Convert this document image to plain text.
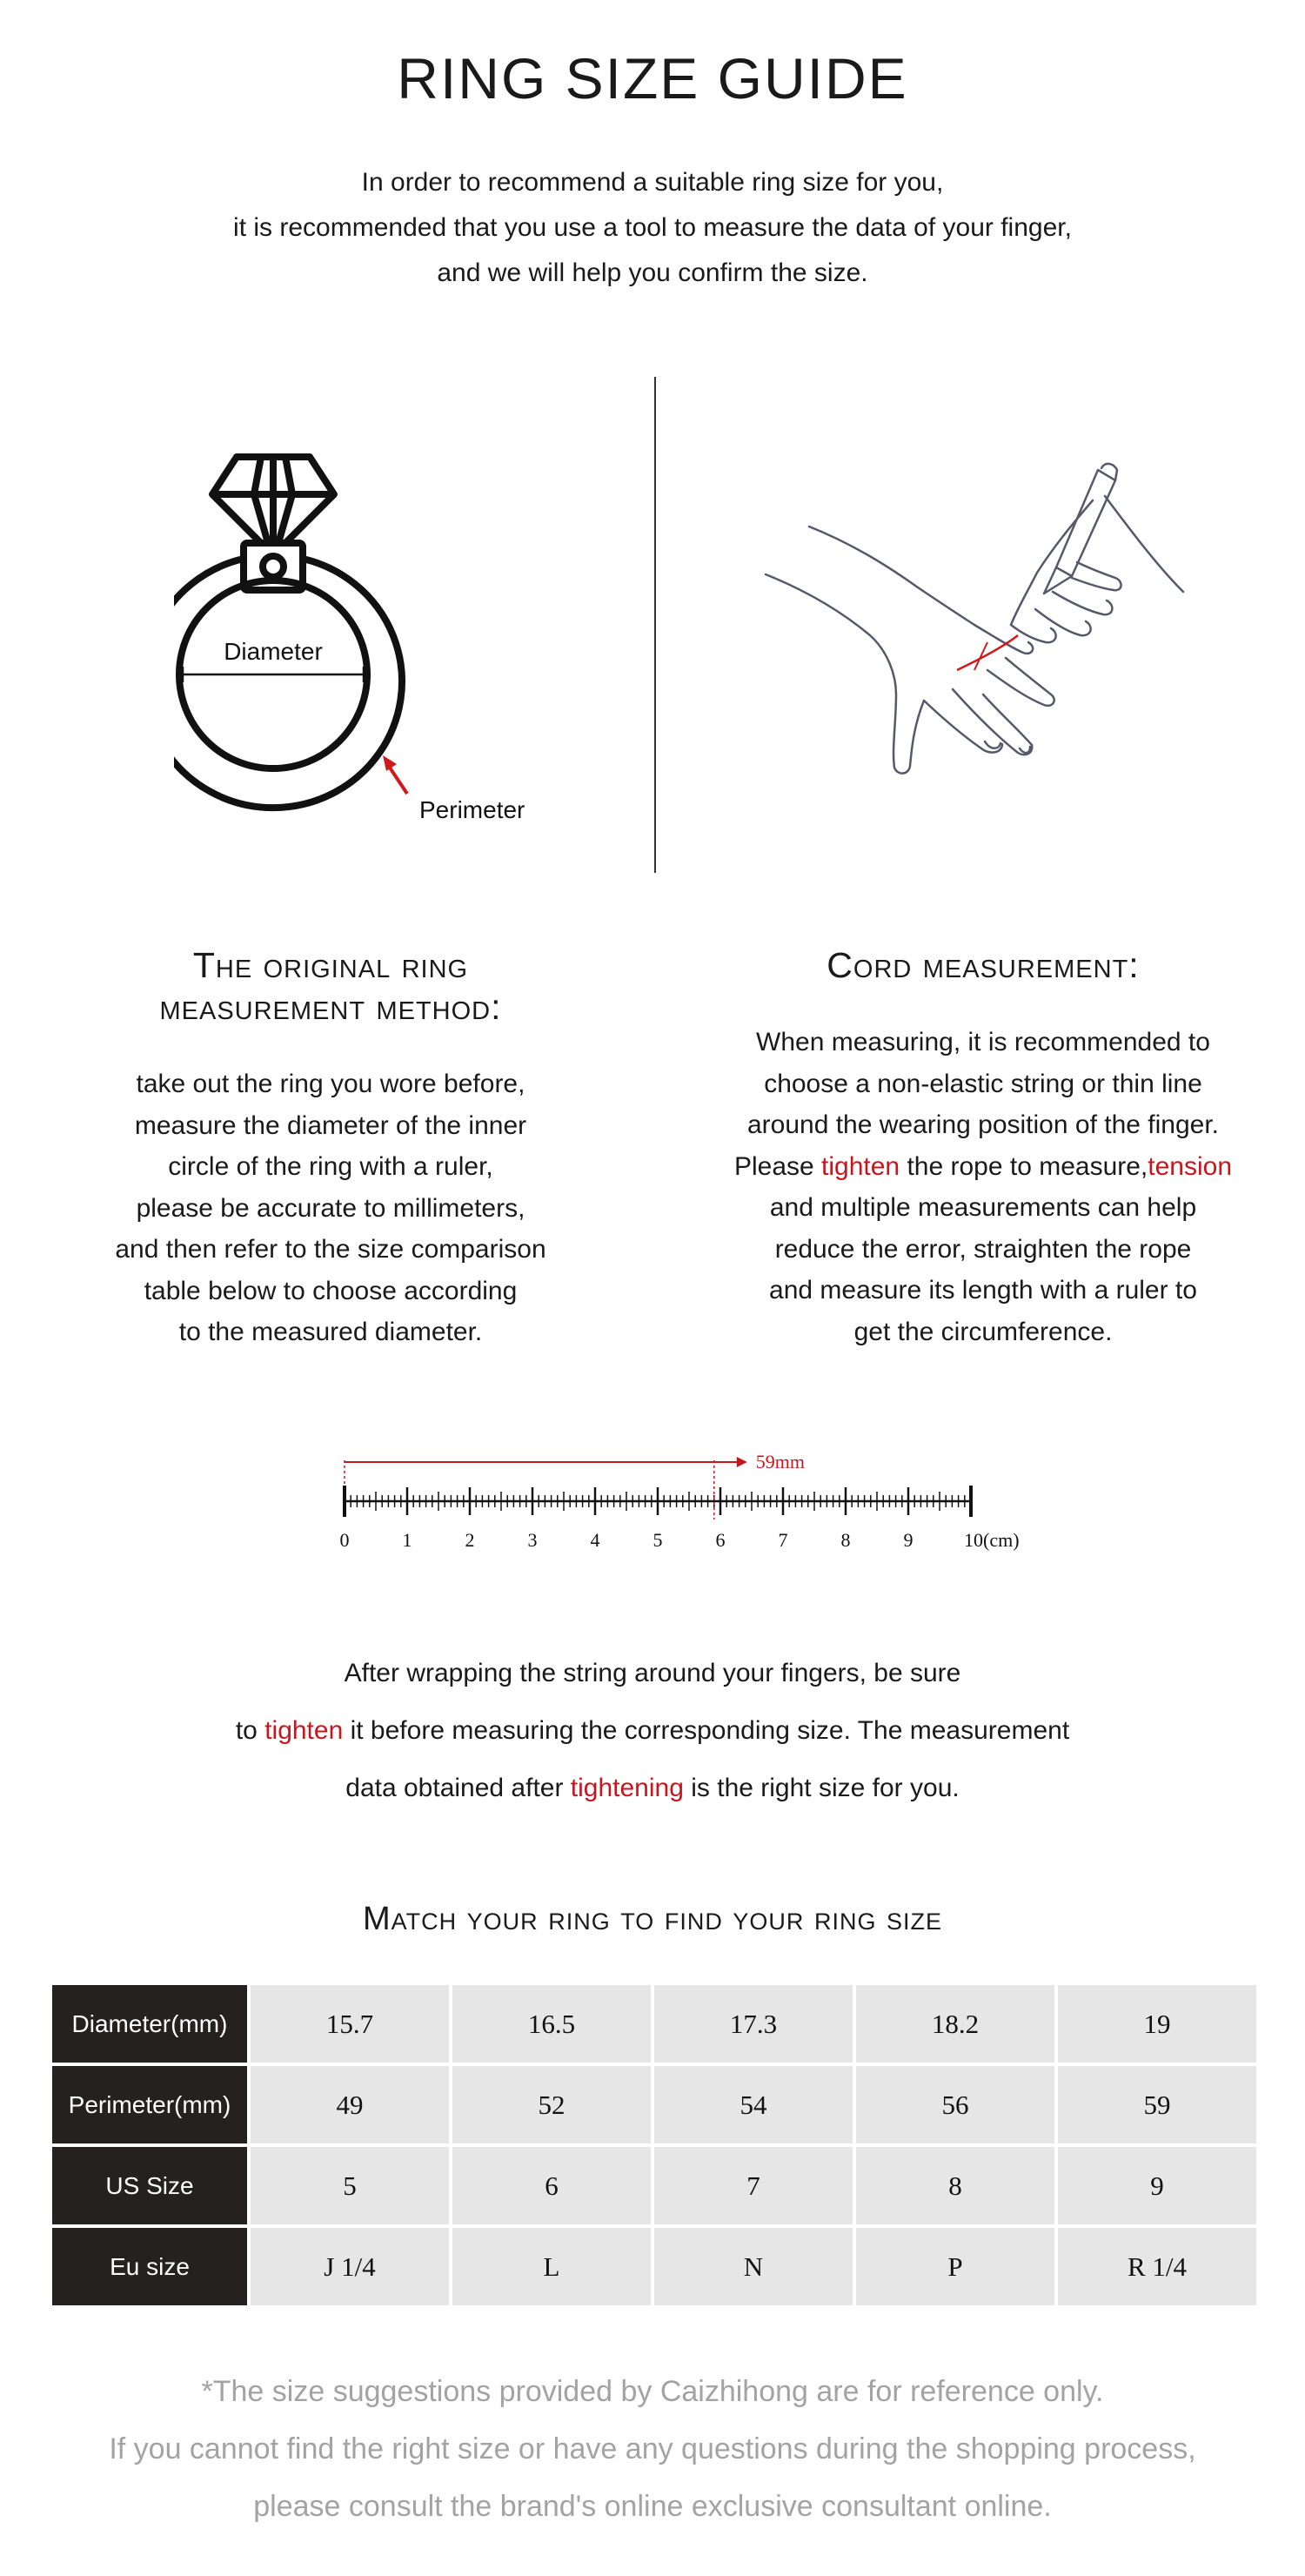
RING SIZE GUIDE
In order to recommend a suitable ring size for you,
it is recommended that you use a tool to measure the data of your finger,
and we will help you confirm the size.
Diameter
Perimeter
The original ring
measurement method:
take out the ring you wore before,
measure the diameter of the inner
circle of the ring with a ruler,
please be accurate to millimeters,
and then refer to the size comparison
table below to choose according
to the measured diameter.
Cord measurement:
When measuring, it is recommended to
choose a non-elastic string or thin line
around the wearing position of the finger.
Please tighten the rope to measure,tension
and multiple measurements can help
reduce the error, straighten the rope
and measure its length with a ruler to
get the circumference.
0	1	2	3	4	5	6	7	8	9	10(cm)
59mm
After wrapping the string around your fingers, be sure
to tighten it before measuring the corresponding size. The measurement
data obtained after tightening is the right size for you.
Match your ring to find your ring size
Diameter(mm)	15.7	16.5	17.3	18.2	19
Perimeter(mm)	49	52	54	56	59
US Size	5	6	7	8	9
Eu size	J 1/4	L	N	P	R 1/4
*The size suggestions provided by Caizhihong are for reference only.
If you cannot find the right size or have any questions during the shopping process,
please consult the brand's online exclusive consultant online.
